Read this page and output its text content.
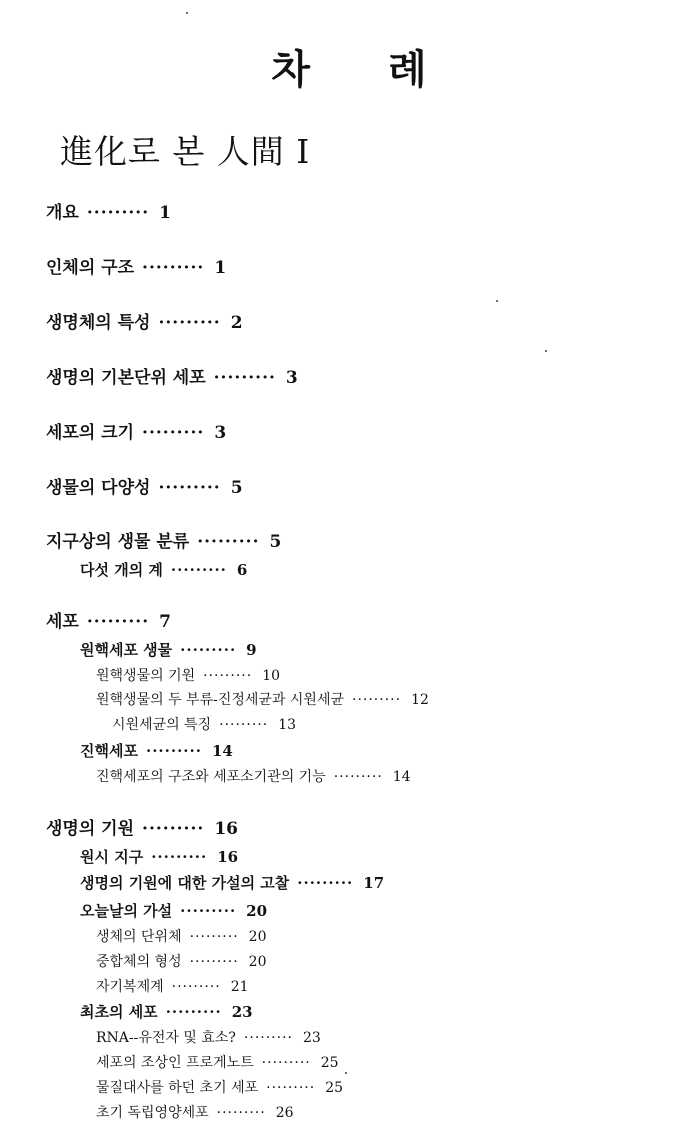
차 례
進化로 본 人間 I
개요 ········· 1
인체의 구조 ········· 1
생명체의 특성 ········· 2
생명의 기본단위 세포 ········· 3
세포의 크기 ········· 3
생물의 다양성 ········· 5
지구상의 생물 분류 ········· 5
다섯 개의 계 ········· 6
세포 ········· 7
원핵세포 생물 ········· 9
원핵생물의 기원 ········· 10
원핵생물의 두 부류-진정세균과 시원세균 ········· 12
시원세균의 특징 ········· 13
진핵세포 ········· 14
진핵세포의 구조와 세포소기관의 기능 ········· 14
생명의 기원 ········· 16
원시 지구 ········· 16
생명의 기원에 대한 가설의 고찰 ········· 17
오늘날의 가설 ········· 20
생체의 단위체 ········· 20
중합체의 형성 ········· 20
자기복제계 ········· 21
최초의 세포 ········· 23
RNA--유전자 및 효소? ········· 23
세포의 조상인 프로게노트 ········· 25
물질대사를 하던 초기 세포 ········· 25
초기 독립영양세포 ········· 26
